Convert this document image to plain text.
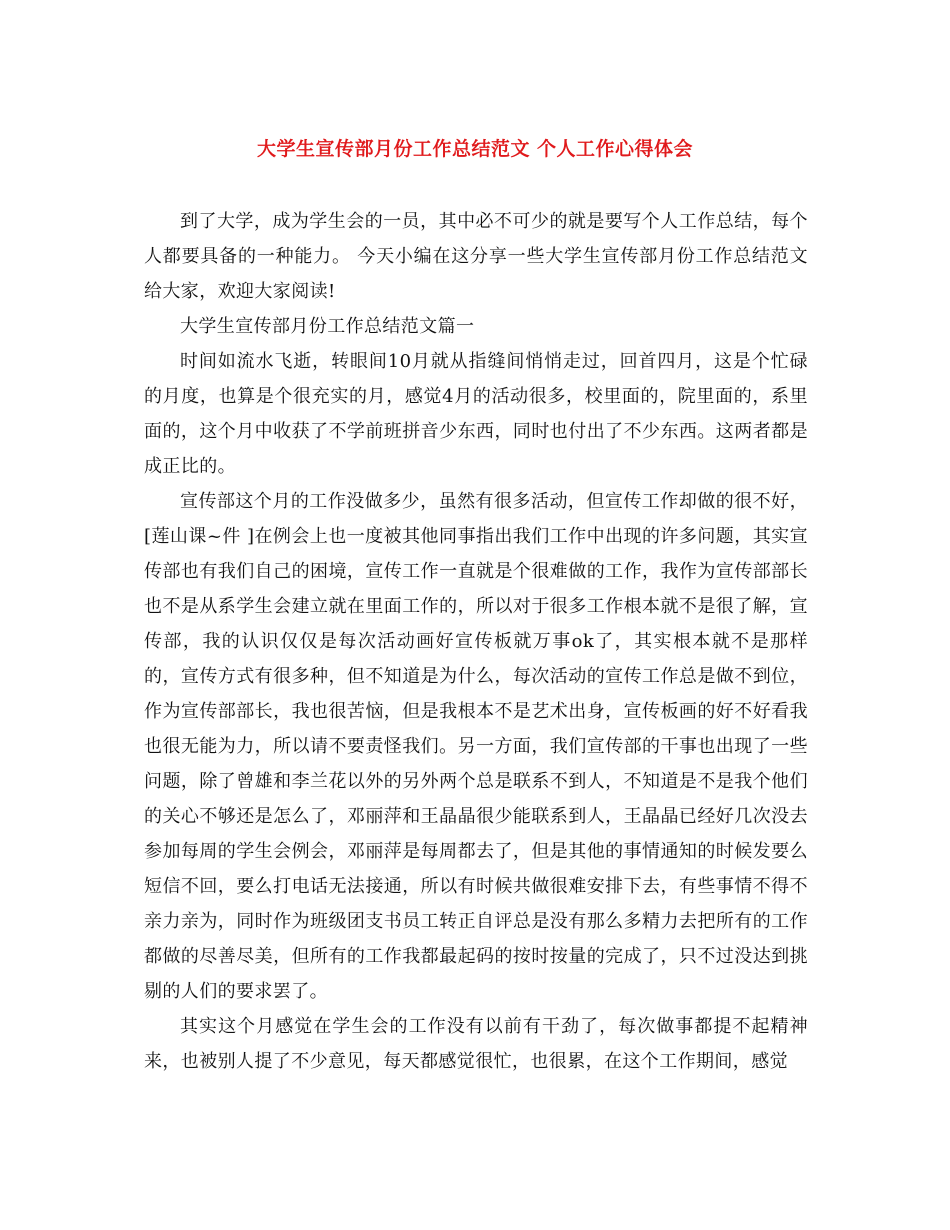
大学生宣传部月份工作总结范文 个人工作心得体会

到了大学，成为学生会的一员，其中必不可少的就是要写个人工作总结，每个人都要具备的一种能力。 今天小编在这分享一些大学生宣传部月份工作总结范文给大家，欢迎大家阅读!

大学生宣传部月份工作总结范文篇一

时间如流水飞逝，转眼间10月就从指缝间悄悄走过，回首四月，这是个忙碌的月度，也算是个很充实的月，感觉4月的活动很多，校里面的，院里面的，系里面的，这个月中收获了不学前班拼音少东西，同时也付出了不少东西。这两者都是成正比的。

宣传部这个月的工作没做多少，虽然有很多活动，但宣传工作却做的很不好，[莲山课~件 ]在例会上也一度被其他同事指出我们工作中出现的许多问题，其实宣传部也有我们自己的困境，宣传工作一直就是个很难做的工作，我作为宣传部部长也不是从系学生会建立就在里面工作的，所以对于很多工作根本就不是很了解，宣传部，我的认识仅仅是每次活动画好宣传板就万事ok了，其实根本就不是那样的，宣传方式有很多种，但不知道是为什么，每次活动的宣传工作总是做不到位，作为宣传部部长，我也很苦恼，但是我根本不是艺术出身，宣传板画的好不好看我也很无能为力，所以请不要责怪我们。另一方面，我们宣传部的干事也出现了一些问题，除了曾雄和李兰花以外的另外两个总是联系不到人，不知道是不是我个他们的关心不够还是怎么了，邓丽萍和王晶晶很少能联系到人，王晶晶已经好几次没去参加每周的学生会例会，邓丽萍是每周都去了，但是其他的事情通知的时候发要么短信不回，要么打电话无法接通，所以有时候共做很难安排下去，有些事情不得不亲力亲为，同时作为班级团支书员工转正自评总是没有那么多精力去把所有的工作都做的尽善尽美，但所有的工作我都最起码的按时按量的完成了，只不过没达到挑剔的人们的要求罢了。

其实这个月感觉在学生会的工作没有以前有干劲了，每次做事都提不起精神来，也被别人提了不少意见，每天都感觉很忙，也很累，在这个工作期间，感觉
